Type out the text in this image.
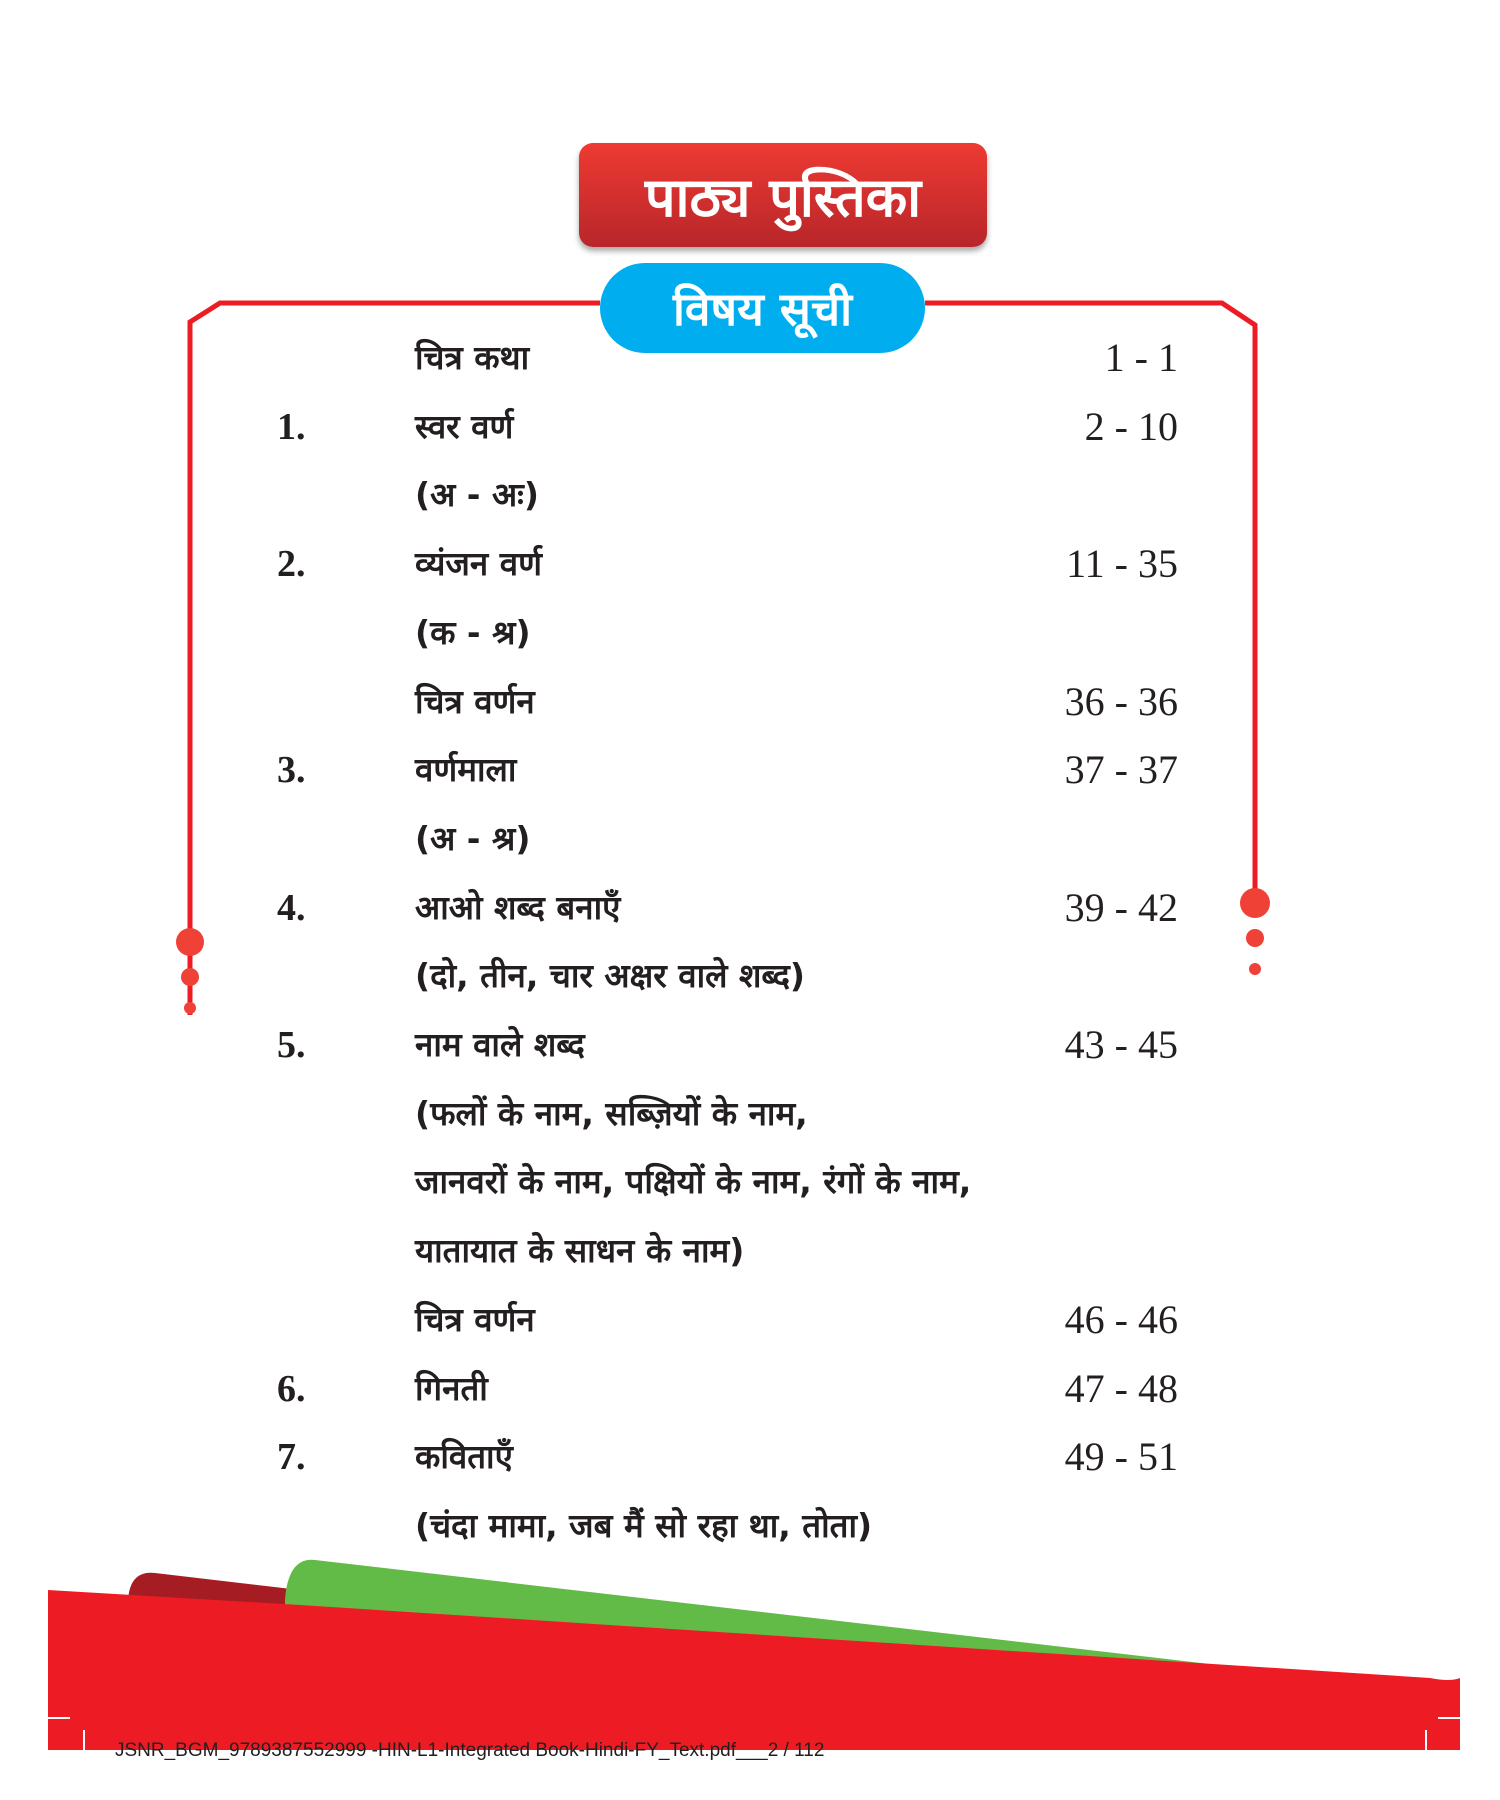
पाठ्य पुस्तिका
विषय सूची
चित्र कथा	1 - 1
1.	स्वर वर्ण	2 - 10
(अ - अः)
2.	व्यंजन वर्ण	11 - 35
(क - श्र)
चित्र वर्णन	36 - 36
3.	वर्णमाला	37 - 37
(अ - श्र)
4.	आओ शब्द बनाएँ	39 - 42
(दो, तीन, चार अक्षर वाले शब्द)
5.	नाम वाले शब्द	43 - 45
(फलों के नाम, सब्ज़ियों के नाम,
जानवरों के नाम, पक्षियों के नाम, रंगों के नाम,
यातायात के साधन के नाम)
चित्र वर्णन	46 - 46
6.	गिनती	47 - 48
7.	कविताएँ	49 - 51
(चंदा मामा, जब मैं सो रहा था, तोता)
JSNR_BGM_9789387552999 -HIN-L1-Integrated Book-Hindi-FY_Text.pdf___2 / 112
